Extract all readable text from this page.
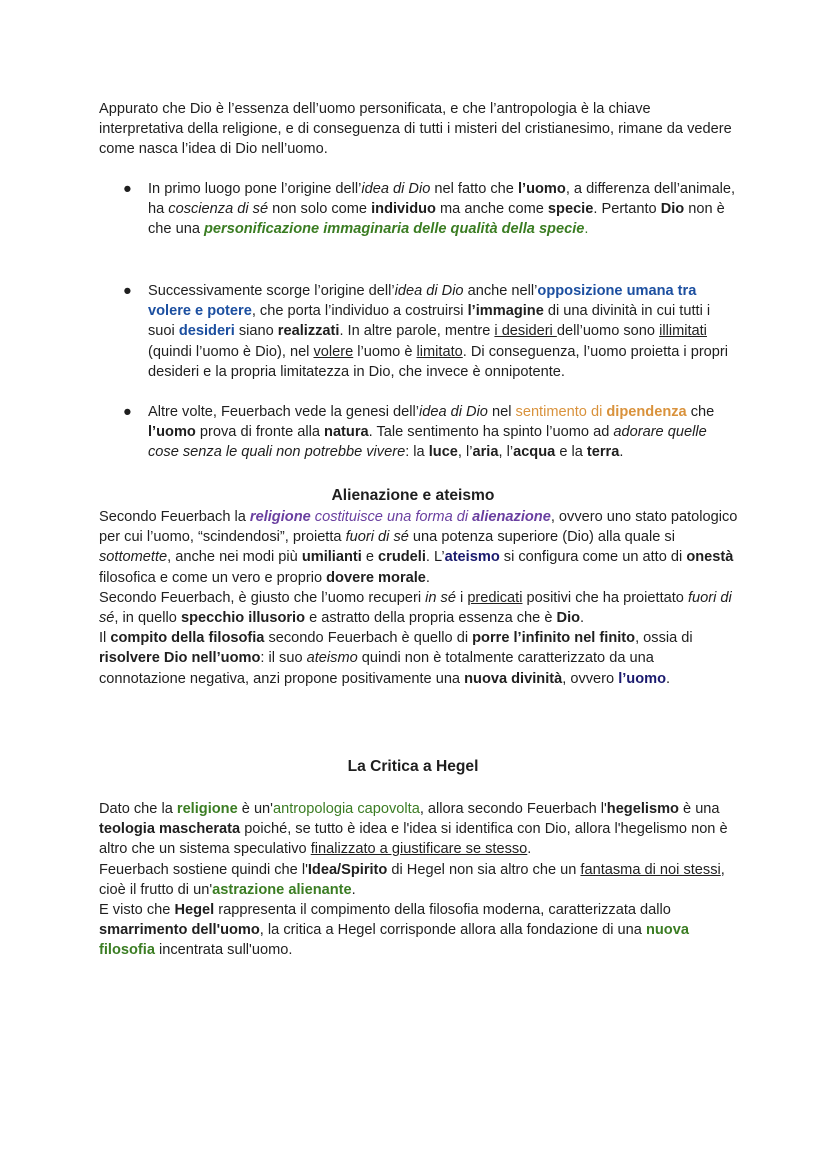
Appurato che Dio è l’essenza dell’uomo personificata, e che l’antropologia è la chiave interpretativa della religione, e di conseguenza di tutti i misteri del cristianesimo, rimane da vedere come nasca l’idea di Dio nell’uomo.

● In primo luogo pone l’origine dell’idea di Dio nel fatto che l’uomo, a differenza dell’animale, ha coscienza di sé non solo come individuo ma anche come specie. Pertanto Dio non è che una personificazione immaginaria delle qualità della specie.
● Successivamente scorge l’origine dell’idea di Dio anche nell’opposizione umana tra volere e potere, che porta l’individuo a costruirsi l’immagine di una divinità in cui tutti i suoi desideri siano realizzati. In altre parole, mentre i desideri dell’uomo sono illimitati (quindi l’uomo è Dio), nel volere l’uomo è limitato. Di conseguenza, l’uomo proietta i propri desideri e la propria limitatezza in Dio, che invece è onnipotente.
● Altre volte, Feuerbach vede la genesi dell’idea di Dio nel sentimento di dipendenza che l’uomo prova di fronte alla natura. Tale sentimento ha spinto l’uomo ad adorare quelle cose senza le quali non potrebbe vivere: la luce, l’aria, l’acqua e la terra.
Alienazione e ateismo

Secondo Feuerbach la religione costituisce una forma di alienazione, ovvero uno stato patologico per cui l’uomo, “scindendosi”, proietta fuori di sé una potenza superiore (Dio) alla quale si sottomette, anche nei modi più umilianti e crudeli. L’ateismo si configura come un atto di onestà filosofica e come un vero e proprio dovere morale.

Secondo Feuerbach, è giusto che l’uomo recuperi in sé i predicati positivi che ha proiettato fuori di sé, in quello specchio illusorio e astratto della propria essenza che è Dio.

Il compito della filosofia secondo Feuerbach è quello di porre l’infinito nel finito, ossia di risolvere Dio nell’uomo: il suo ateismo quindi non è totalmente caratterizzato da una connotazione negativa, anzi propone positivamente una nuova divinità, ovvero l’uomo.

La Critica a Hegel

Dato che la religione è un'antropologia capovolta, allora secondo Feuerbach l'hegelismo è una teologia mascherata poiché, se tutto è idea e l'idea si identifica con Dio, allora l'hegelismo non è altro che un sistema speculativo finalizzato a giustificare se stesso.

Feuerbach sostiene quindi che l'Idea/Spirito di Hegel non sia altro che un fantasma di noi stessi, cioè il frutto di un'astrazione alienante.

E visto che Hegel rappresenta il compimento della filosofia moderna, caratterizzata dallo smarrimento dell'uomo, la critica a Hegel corrisponde allora alla fondazione di una nuova filosofia incentrata sull'uomo.
